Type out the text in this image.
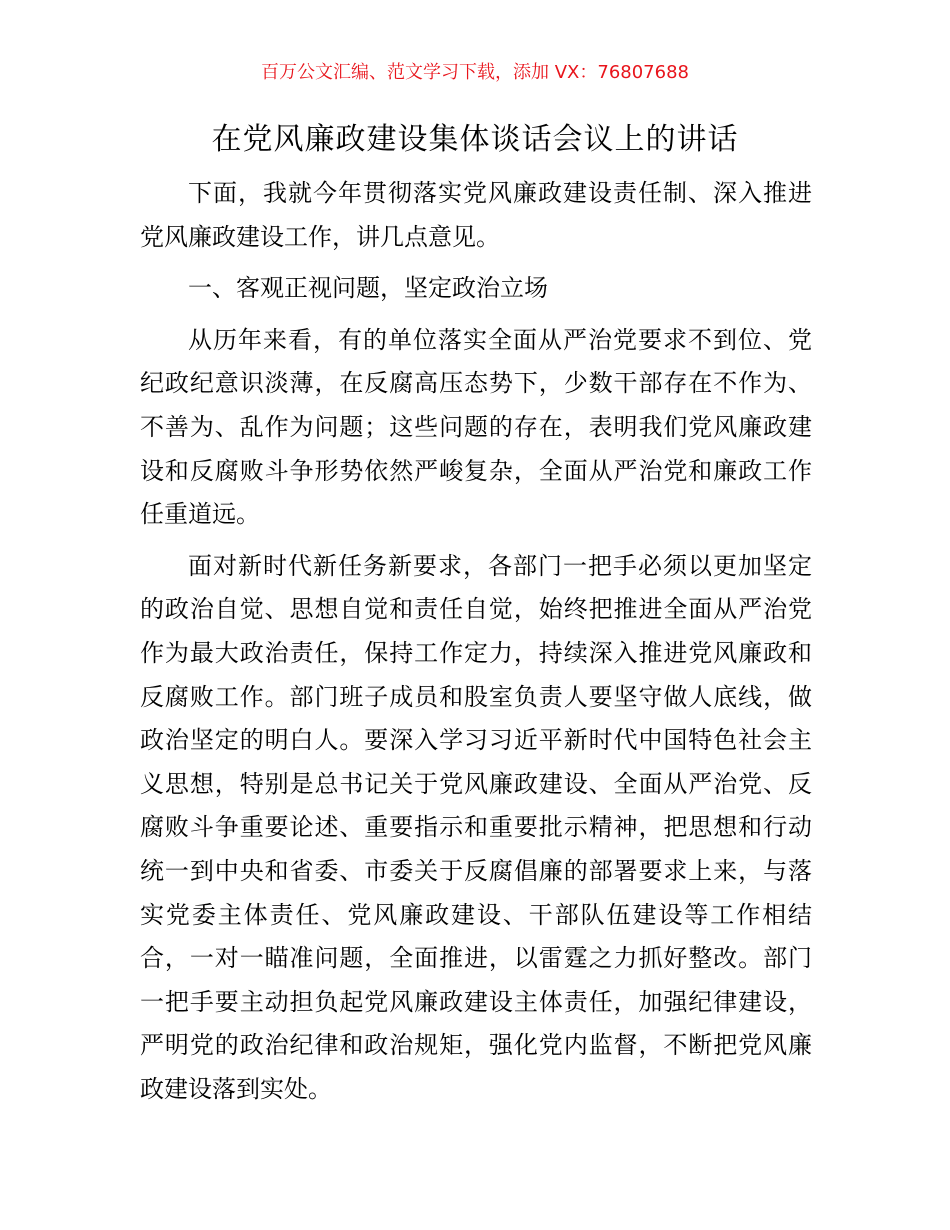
百万公文汇编、范文学习下载，添加 VX：76807688
在党风廉政建设集体谈话会议上的讲话
下面，我就今年贯彻落实党风廉政建设责任制、深入推进
党风廉政建设工作，讲几点意见。
一、客观正视问题，坚定政治立场
从历年来看，有的单位落实全面从严治党要求不到位、党
纪政纪意识淡薄，在反腐高压态势下，少数干部存在不作为、
不善为、乱作为问题；这些问题的存在，表明我们党风廉政建
设和反腐败斗争形势依然严峻复杂，全面从严治党和廉政工作
任重道远。
面对新时代新任务新要求，各部门一把手必须以更加坚定
的政治自觉、思想自觉和责任自觉，始终把推进全面从严治党
作为最大政治责任，保持工作定力，持续深入推进党风廉政和
反腐败工作。部门班子成员和股室负责人要坚守做人底线，做
政治坚定的明白人。要深入学习习近平新时代中国特色社会主
义思想，特别是总书记关于党风廉政建设、全面从严治党、反
腐败斗争重要论述、重要指示和重要批示精神，把思想和行动
统一到中央和省委、市委关于反腐倡廉的部署要求上来，与落
实党委主体责任、党风廉政建设、干部队伍建设等工作相结
合，一对一瞄准问题，全面推进，以雷霆之力抓好整改。部门
一把手要主动担负起党风廉政建设主体责任，加强纪律建设，
严明党的政治纪律和政治规矩，强化党内监督，不断把党风廉
政建设落到实处。
